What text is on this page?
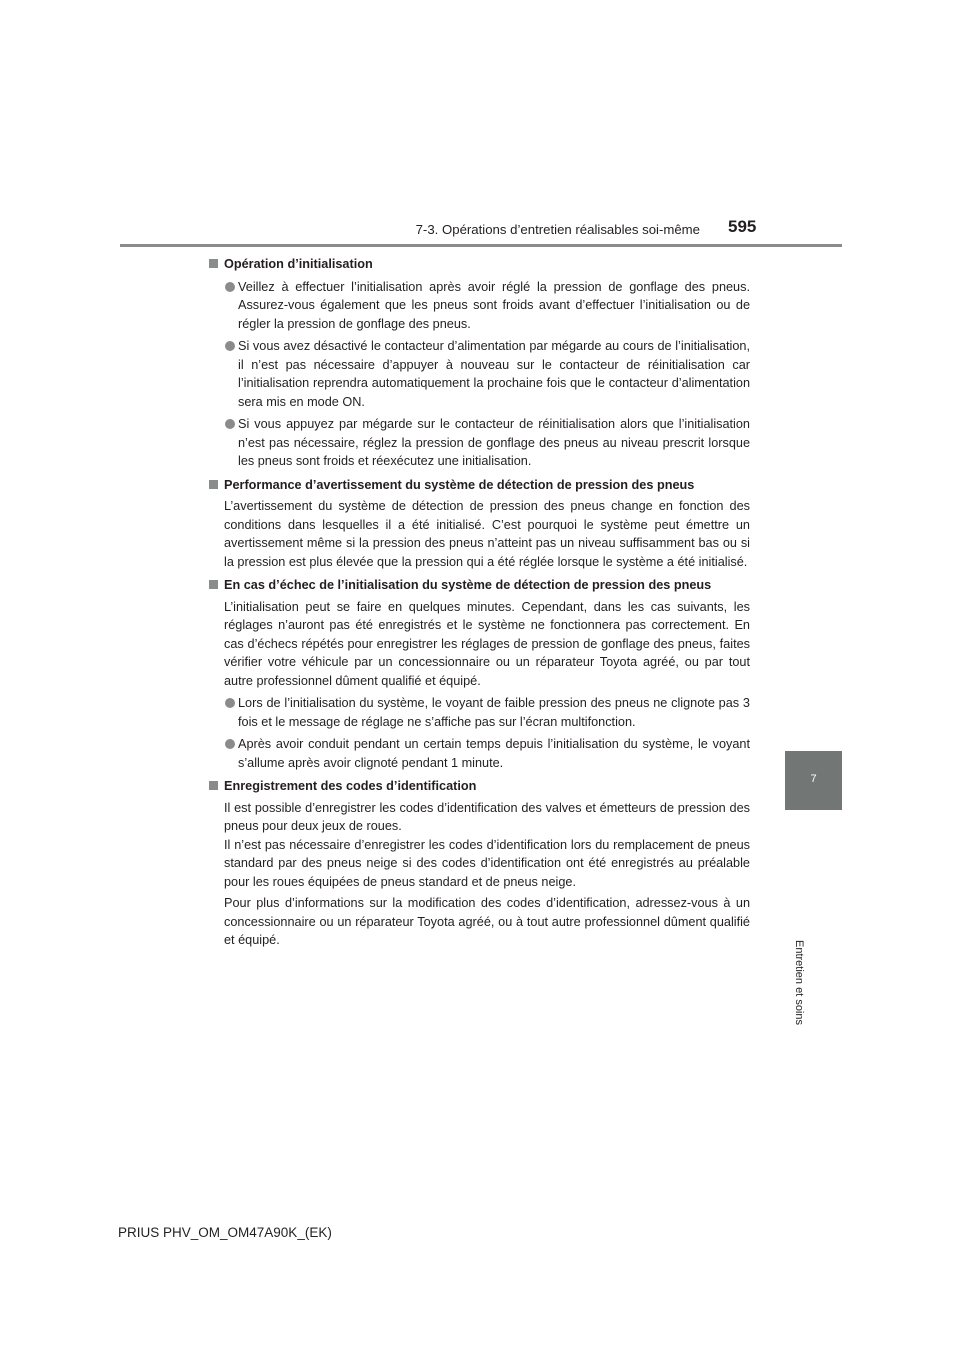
7-3. Opérations d’entretien réalisables soi-même 595
7
Entretien et soins
Opération d’initialisation
Veillez à effectuer l’initialisation après avoir réglé la pression de gonflage des pneus. Assurez-vous également que les pneus sont froids avant d’effectuer l’initialisation ou de régler la pression de gonflage des pneus.
Si vous avez désactivé le contacteur d’alimentation par mégarde au cours de l’initialisation, il n’est pas nécessaire d’appuyer à nouveau sur le contacteur de réinitialisation car l’initialisation reprendra automatiquement la prochaine fois que le contacteur d’alimentation sera mis en mode ON.
Si vous appuyez par mégarde sur le contacteur de réinitialisation alors que l’initialisation n’est pas nécessaire, réglez la pression de gonflage des pneus au niveau prescrit lorsque les pneus sont froids et réexécutez une initialisation.
Performance d’avertissement du système de détection de pression des pneus
L’avertissement du système de détection de pression des pneus change en fonction des conditions dans lesquelles il a été initialisé. C’est pourquoi le système peut émettre un avertissement même si la pression des pneus n’atteint pas un niveau suffisamment bas ou si la pression est plus élevée que la pression qui a été réglée lorsque le système a été initialisé.
En cas d’échec de l’initialisation du système de détection de pression des pneus
L’initialisation peut se faire en quelques minutes. Cependant, dans les cas suivants, les réglages n’auront pas été enregistrés et le système ne fonctionnera pas correctement. En cas d’échecs répétés pour enregistrer les réglages de pression de gonflage des pneus, faites vérifier votre véhicule par un concessionnaire ou un réparateur Toyota agréé, ou par tout autre professionnel dûment qualifié et équipé.
Lors de l’initialisation du système, le voyant de faible pression des pneus ne clignote pas 3 fois et le message de réglage ne s’affiche pas sur l’écran multifonction.
Après avoir conduit pendant un certain temps depuis l’initialisation du système, le voyant s’allume après avoir clignoté pendant 1 minute.
Enregistrement des codes d’identification
Il est possible d’enregistrer les codes d’identification des valves et émetteurs de pression des pneus pour deux jeux de roues.
Il n’est pas nécessaire d’enregistrer les codes d’identification lors du remplacement de pneus standard par des pneus neige si des codes d’identification ont été enregistrés au préalable pour les roues équipées de pneus standard et de pneus neige.
Pour plus d’informations sur la modification des codes d’identification, adressez-vous à un concessionnaire ou un réparateur Toyota agréé, ou à tout autre professionnel dûment qualifié et équipé.
PRIUS PHV_OM_OM47A90K_(EK)
